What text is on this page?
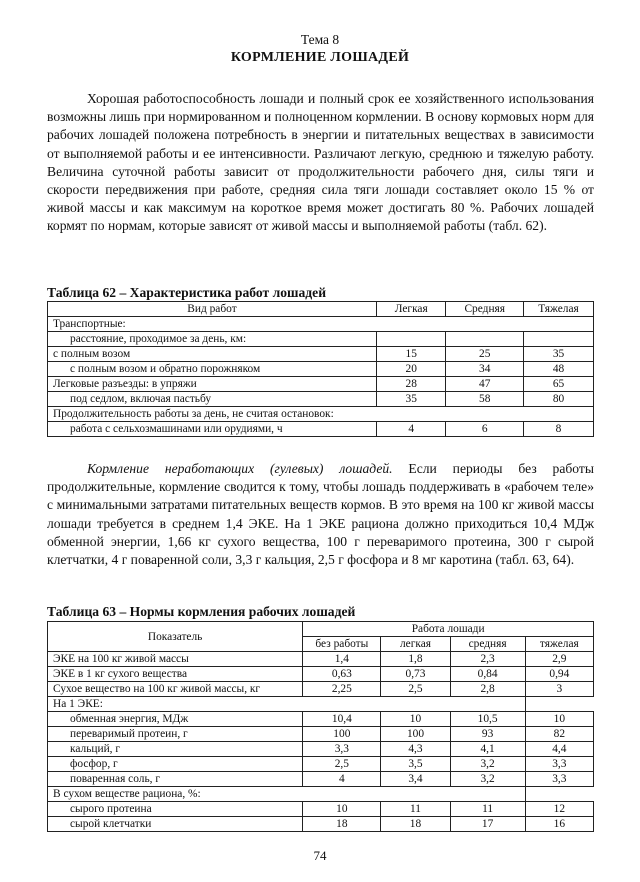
Тема 8
КОРМЛЕНИЕ ЛОШАДЕЙ

Хорошая работоспособность лошади и полный срок ее хозяйственного использования возможны лишь при нормированном и полноценном кормлении. В основу кормовых норм для рабочих лошадей положена потребность в энергии и питательных веществах в зависимости от выполняемой работы и ее интенсивности. Различают легкую, среднюю и тяжелую работу. Величина суточной работы зависит от продолжительности рабочего дня, силы тяги и скорости передвижения при работе, средняя сила тяги лошади составляет около 15 % от живой массы и как максимум на короткое время может достигать 80 %. Рабочих лошадей кормят по нормам, которые зависят от живой массы и выполняемой работы (табл. 62).

Таблица 62 – Характеристика работ лошадей
Вид работ	Легкая	Средняя	Тяжелая
Транспортные:			
расстояние, проходимое за день, км:			
с полным возом	15	25	35
с полным возом и обратно порожняком	20	34	48
Легковые разъезды: в упряжи	28	47	65
под седлом, включая пастьбу	35	58	80
Продолжительность работы за день, не считая остановок:			
работа с сельхозмашинами или орудиями, ч	4	6	8

Кормление неработающих (гулевых) лошадей. Если периоды без работы продолжительные, кормление сводится к тому, чтобы лошадь поддерживать в «рабочем теле» с минимальными затратами питательных веществ кормов. В это время на 100 кг живой массы лошади требуется в среднем 1,4 ЭКЕ. На 1 ЭКЕ рациона должно приходиться 10,4 МДж обменной энергии, 1,66 кг сухого вещества, 100 г переваримого протеина, 300 г сырой клетчатки, 4 г поваренной соли, 3,3 г кальция, 2,5 г фосфора и 8 мг каротина (табл. 63, 64).

Таблица 63 – Нормы кормления рабочих лошадей
Показатель	Работа лошади			
	без работы	легкая	средняя	тяжелая
ЭКЕ на 100 кг живой массы	1,4	1,8	2,3	2,9
ЭКЕ в 1 кг сухого вещества	0,63	0,73	0,84	0,94
Сухое вещество на 100 кг живой массы, кг	2,25	2,5	2,8	3
На 1 ЭКЕ:				
обменная энергия, МДж	10,4	10	10,5	10
переваримый протеин, г	100	100	93	82
кальций, г	3,3	4,3	4,1	4,4
фосфор, г	2,5	3,5	3,2	3,3
поваренная соль, г	4	3,4	3,2	3,3
В сухом веществе рациона, %:				
сырого протеина	10	11	11	12
сырой клетчатки	18	18	17	16
74
